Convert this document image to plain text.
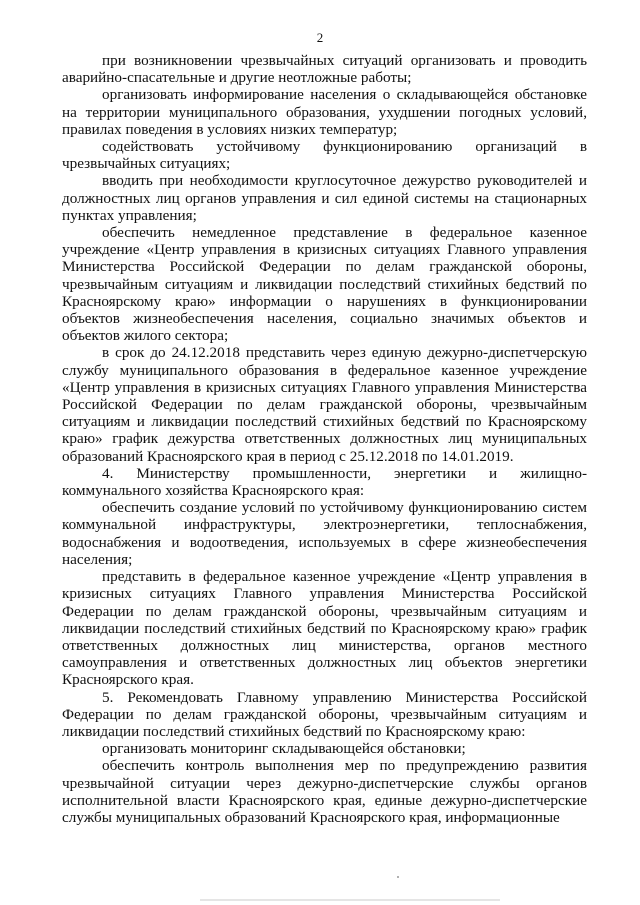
2

при возникновении чрезвычайных ситуаций организовать и проводить аварийно-спасательные и другие неотложные работы;

организовать информирование населения о складывающейся обстановке на территории муниципального образования, ухудшении погодных условий, правилах поведения в условиях низких температур;

содействовать устойчивому функционированию организаций в чрезвычайных ситуациях;

вводить при необходимости круглосуточное дежурство руководителей и должностных лиц органов управления и сил единой системы на стационарных пунктах управления;

обеспечить немедленное представление в федеральное казенное учреждение «Центр управления в кризисных ситуациях Главного управления Министерства Российской Федерации по делам гражданской обороны, чрезвычайным ситуациям и ликвидации последствий стихийных бедствий по Красноярскому краю» информации о нарушениях в функционировании объектов жизнеобеспечения населения, социально значимых объектов и объектов жилого сектора;

в срок до 24.12.2018 представить через единую дежурно-диспетчерскую службу муниципального образования в федеральное казенное учреждение «Центр управления в кризисных ситуациях Главного управления Министерства Российской Федерации по делам гражданской обороны, чрезвычайным ситуациям и ликвидации последствий стихийных бедствий по Красноярскому краю» график дежурства ответственных должностных лиц муниципальных образований Красноярского края в период с 25.12.2018 по 14.01.2019.

4. Министерству промышленности, энергетики и жилищно-коммунального хозяйства Красноярского края:

обеспечить создание условий по устойчивому функционированию систем коммунальной инфраструктуры, электроэнергетики, теплоснабжения, водоснабжения и водоотведения, используемых в сфере жизнеобеспечения населения;

представить в федеральное казенное учреждение «Центр управления в кризисных ситуациях Главного управления Министерства Российской Федерации по делам гражданской обороны, чрезвычайным ситуациям и ликвидации последствий стихийных бедствий по Красноярскому краю» график ответственных должностных лиц министерства, органов местного самоуправления и ответственных должностных лиц объектов энергетики Красноярского края.

5. Рекомендовать Главному управлению Министерства Российской Федерации по делам гражданской обороны, чрезвычайным ситуациям и ликвидации последствий стихийных бедствий по Красноярскому краю:

организовать мониторинг складывающейся обстановки;

обеспечить контроль выполнения мер по предупреждению развития чрезвычайной ситуации через дежурно-диспетчерские службы органов исполнительной власти Красноярского края, единые дежурно-диспетчерские службы муниципальных образований Красноярского края, информационные
